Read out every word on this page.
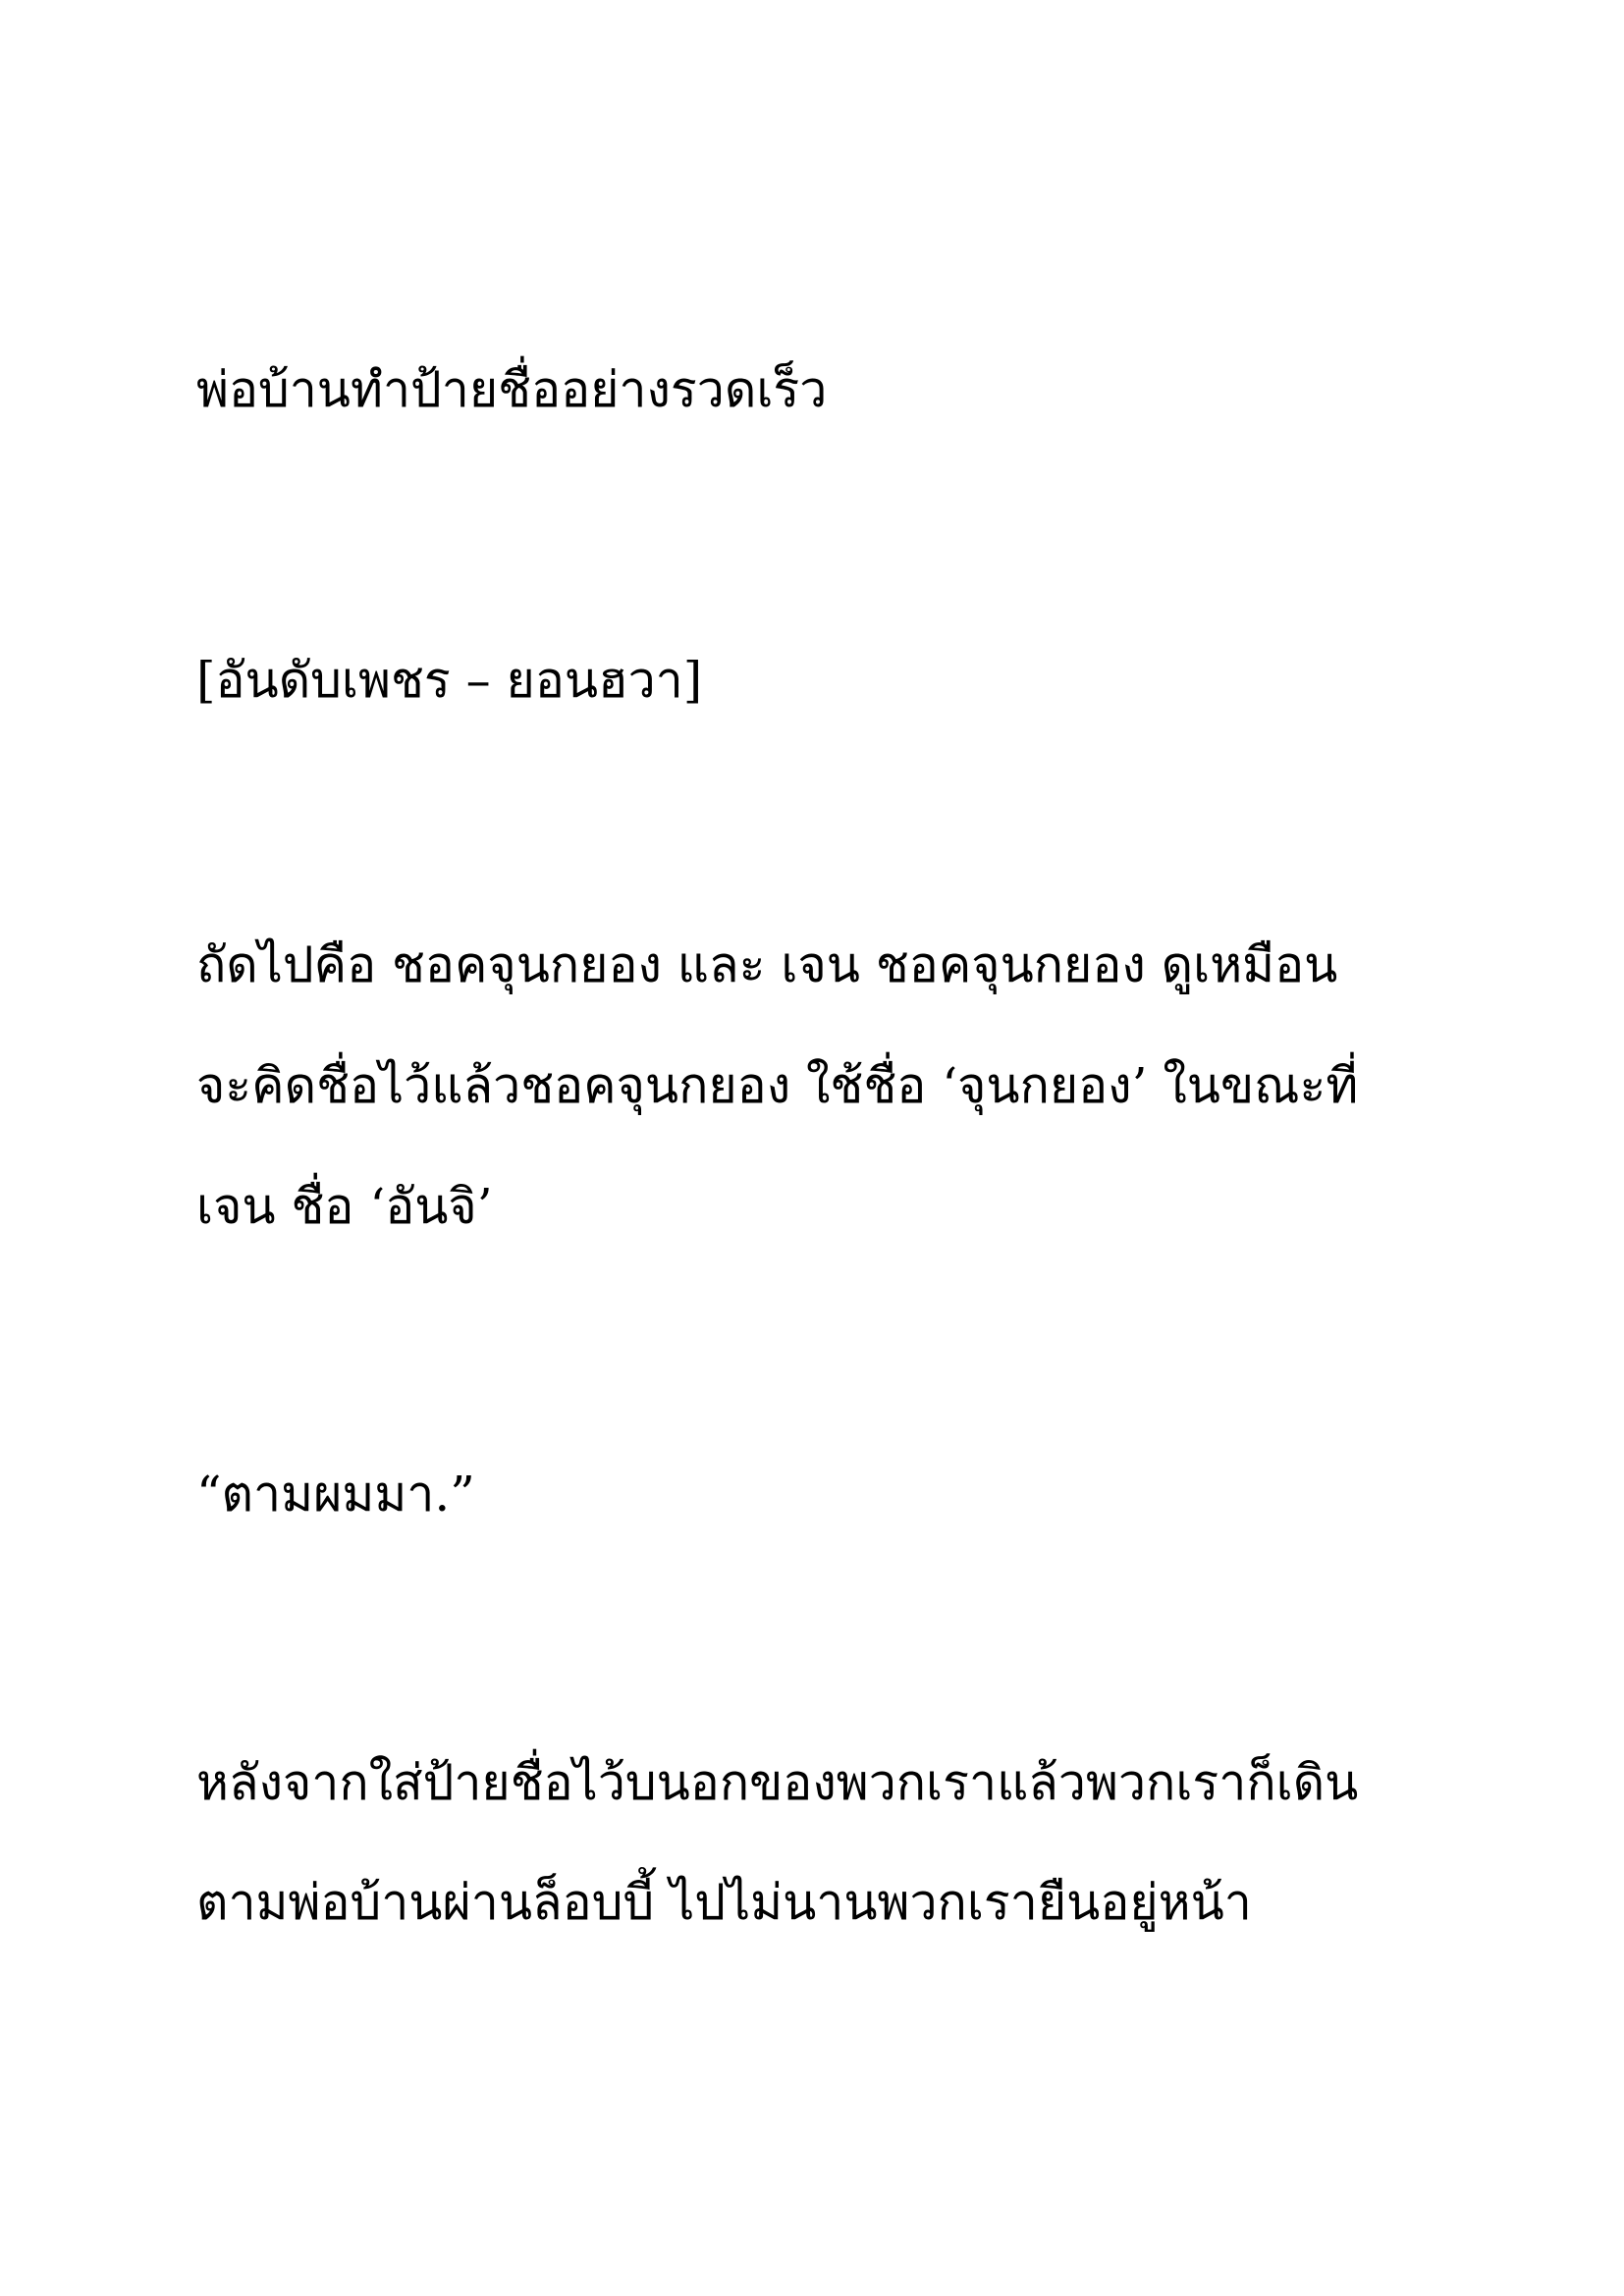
พ่อบ้านทำป้ายชื่ออย่างรวดเร็ว

[อันดับเพชร – ยอนฮวา]

ถัดไปคือ ชอคจุนกยอง และ เจน ชอคจุนกยอง ดูเหมือน

จะคิดชื่อไว้แล้วชอคจุนกยอง ใช้ชื่อ ‘จุนกยอง’ ในขณะที่

เจน ชื่อ ‘อันจิ’

“ตามผมมา.”

หลังจากใส่ป้ายชื่อไว้บนอกของพวกเราแล้วพวกเราก็เดิน

ตามพ่อบ้านผ่านล็อบบี้ ไปไม่นานพวกเรายืนอยู่หน้า
